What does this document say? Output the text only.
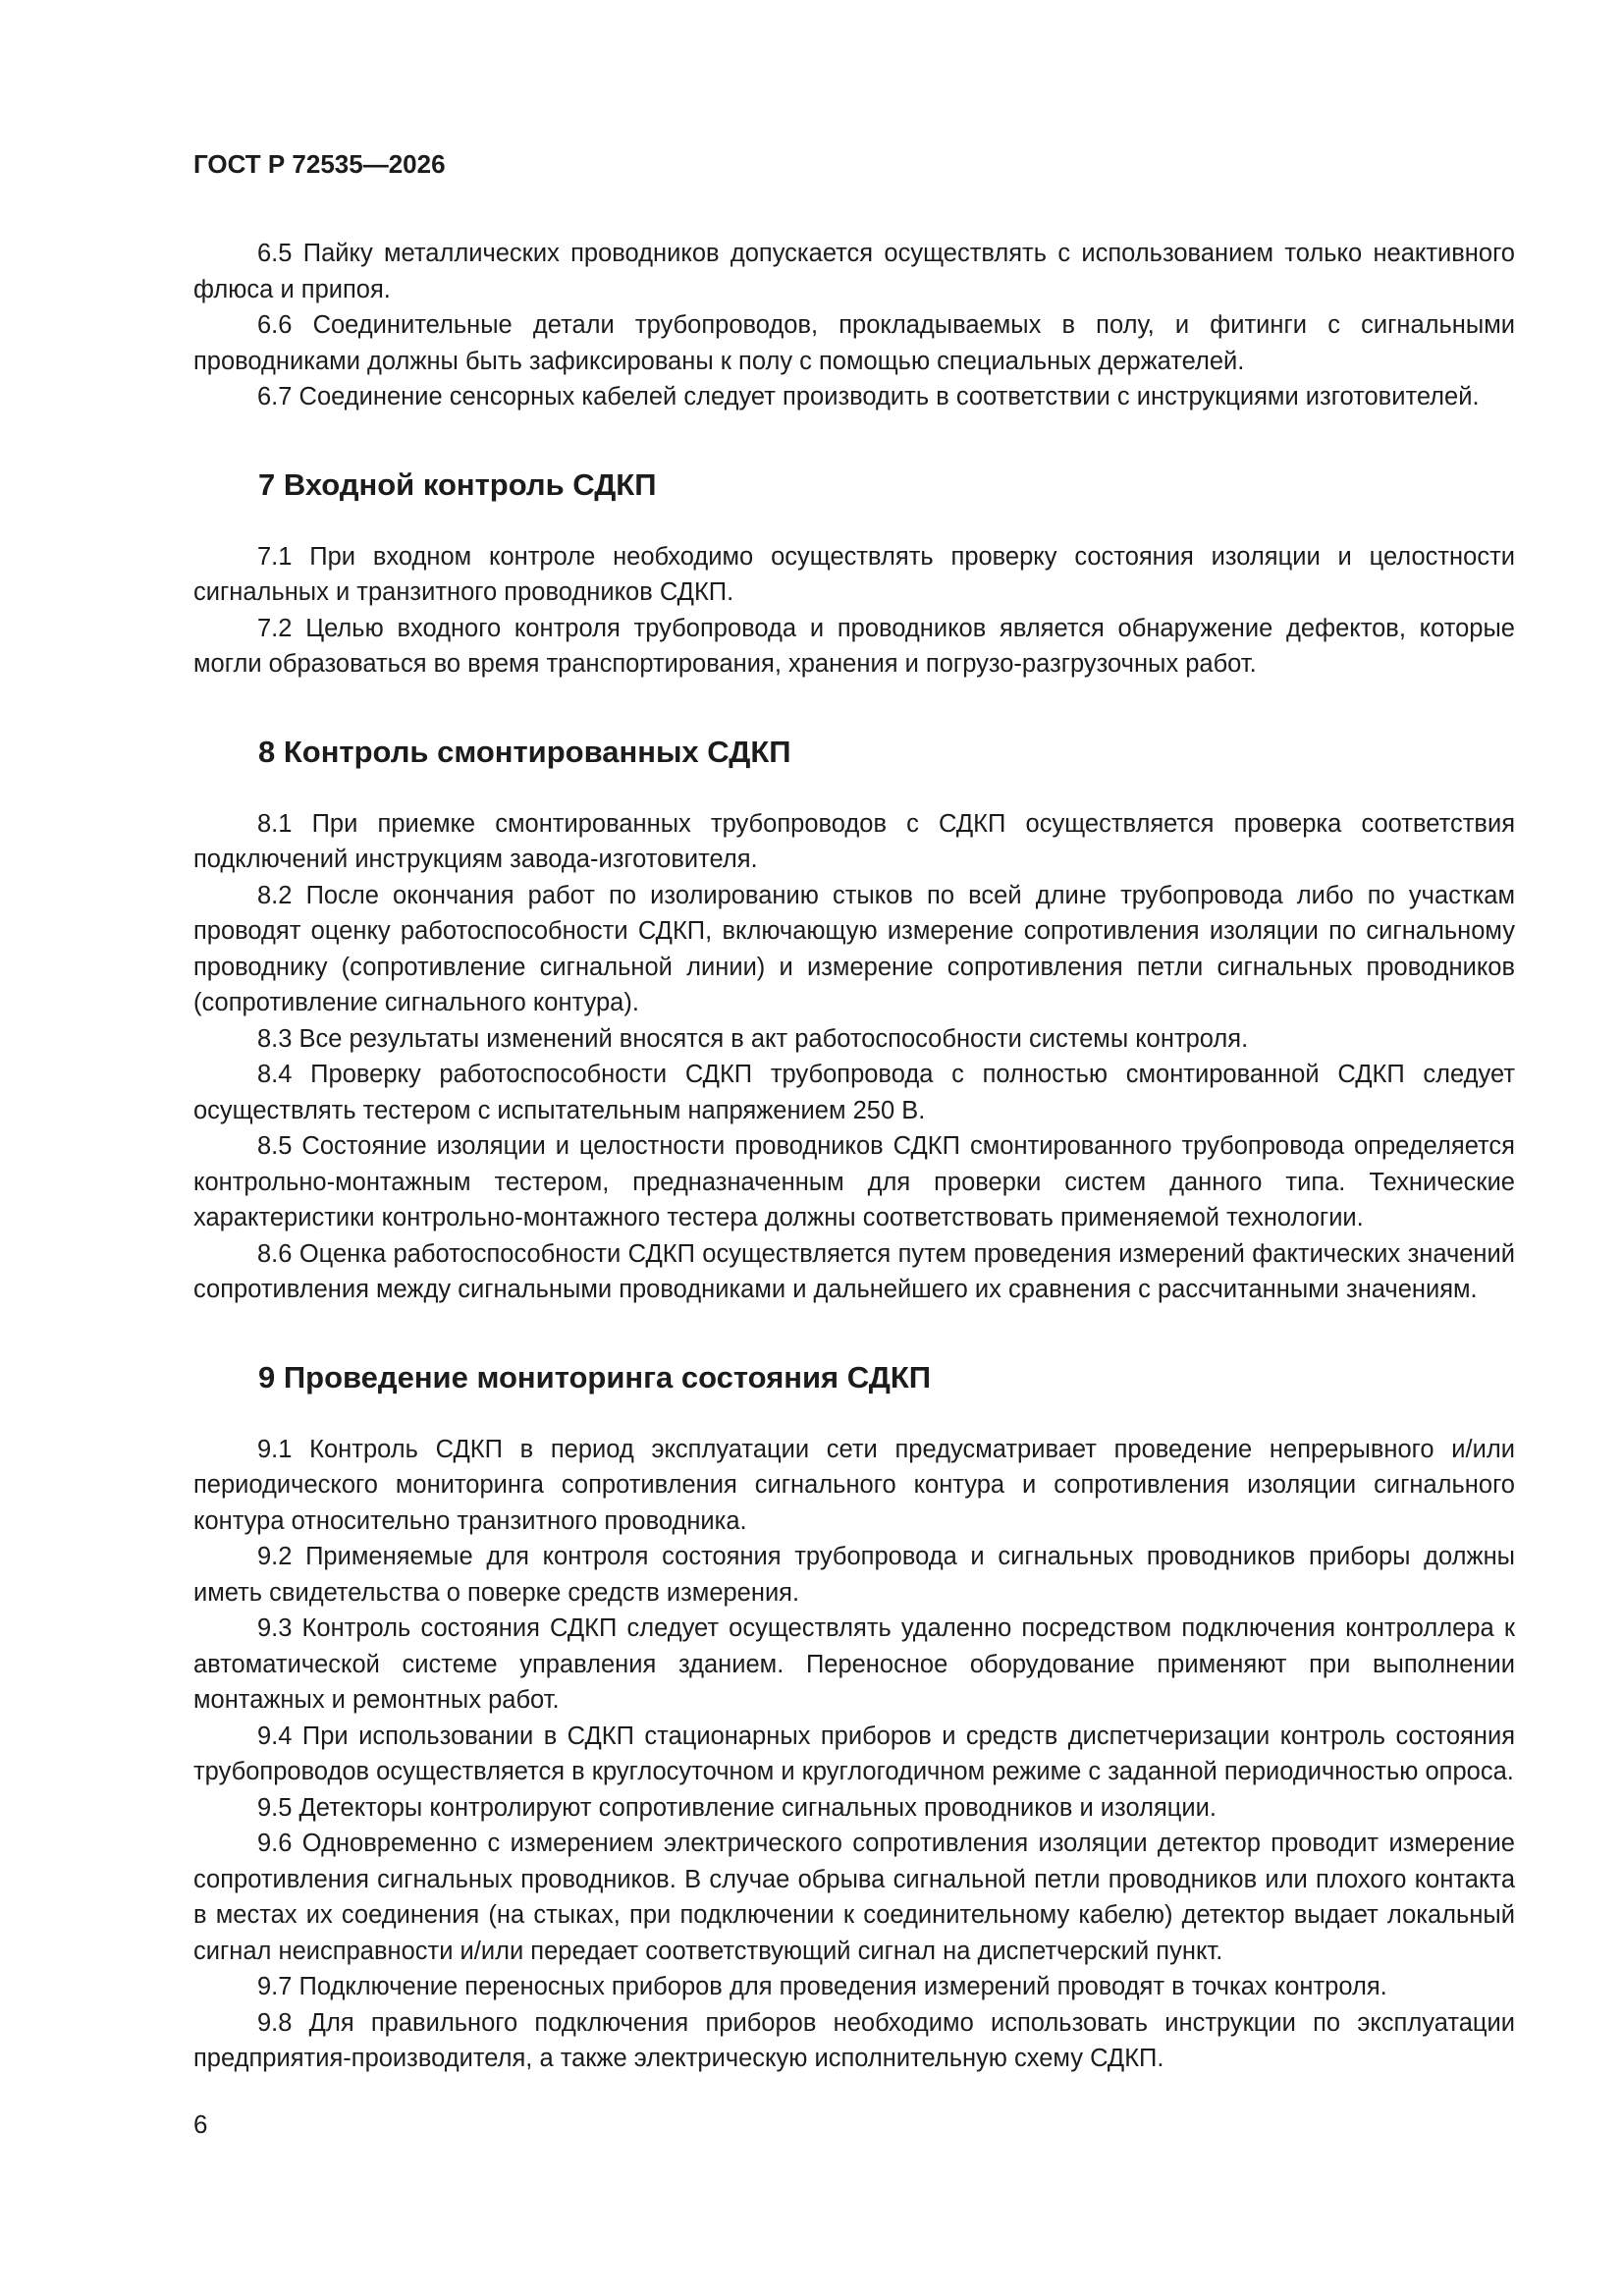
ГОСТ Р 72535—2026

6.5 Пайку металлических проводников допускается осуществлять с использованием только неактивного флюса и припоя.

6.6 Соединительные детали трубопроводов, прокладываемых в полу, и фитинги с сигнальными проводниками должны быть зафиксированы к полу с помощью специальных держателей.

6.7 Соединение сенсорных кабелей следует производить в соответствии с инструкциями изготовителей.

7 Входной контроль СДКП

7.1 При входном контроле необходимо осуществлять проверку состояния изоляции и целостности сигнальных и транзитного проводников СДКП.

7.2 Целью входного контроля трубопровода и проводников является обнаружение дефектов, которые могли образоваться во время транспортирования, хранения и погрузо-разгрузочных работ.

8 Контроль смонтированных СДКП

8.1 При приемке смонтированных трубопроводов с СДКП осуществляется проверка соответствия подключений инструкциям завода-изготовителя.

8.2 После окончания работ по изолированию стыков по всей длине трубопровода либо по участкам проводят оценку работоспособности СДКП, включающую измерение сопротивления изоляции по сигнальному проводнику (сопротивление сигнальной линии) и измерение сопротивления петли сигнальных проводников (сопротивление сигнального контура).

8.3 Все результаты изменений вносятся в акт работоспособности системы контроля.

8.4 Проверку работоспособности СДКП трубопровода с полностью смонтированной СДКП следует осуществлять тестером с испытательным напряжением 250 В.

8.5 Состояние изоляции и целостности проводников СДКП смонтированного трубопровода определяется контрольно-монтажным тестером, предназначенным для проверки систем данного типа. Технические характеристики контрольно-монтажного тестера должны соответствовать применяемой технологии.

8.6 Оценка работоспособности СДКП осуществляется путем проведения измерений фактических значений сопротивления между сигнальными проводниками и дальнейшего их сравнения с рассчитанными значениям.

9 Проведение мониторинга состояния СДКП

9.1 Контроль СДКП в период эксплуатации сети предусматривает проведение непрерывного и/или периодического мониторинга сопротивления сигнального контура и сопротивления изоляции сигнального контура относительно транзитного проводника.

9.2 Применяемые для контроля состояния трубопровода и сигнальных проводников приборы должны иметь свидетельства о поверке средств измерения.

9.3 Контроль состояния СДКП следует осуществлять удаленно посредством подключения контроллера к автоматической системе управления зданием. Переносное оборудование применяют при выполнении монтажных и ремонтных работ.

9.4 При использовании в СДКП стационарных приборов и средств диспетчеризации контроль состояния трубопроводов осуществляется в круглосуточном и круглогодичном режиме с заданной периодичностью опроса.

9.5 Детекторы контролируют сопротивление сигнальных проводников и изоляции.

9.6 Одновременно с измерением электрического сопротивления изоляции детектор проводит измерение сопротивления сигнальных проводников. В случае обрыва сигнальной петли проводников или плохого контакта в местах их соединения (на стыках, при подключении к соединительному кабелю) детектор выдает локальный сигнал неисправности и/или передает соответствующий сигнал на диспетчерский пункт.

9.7 Подключение переносных приборов для проведения измерений проводят в точках контроля.

9.8 Для правильного подключения приборов необходимо использовать инструкции по эксплуатации предприятия-производителя, а также электрическую исполнительную схему СДКП.

6
